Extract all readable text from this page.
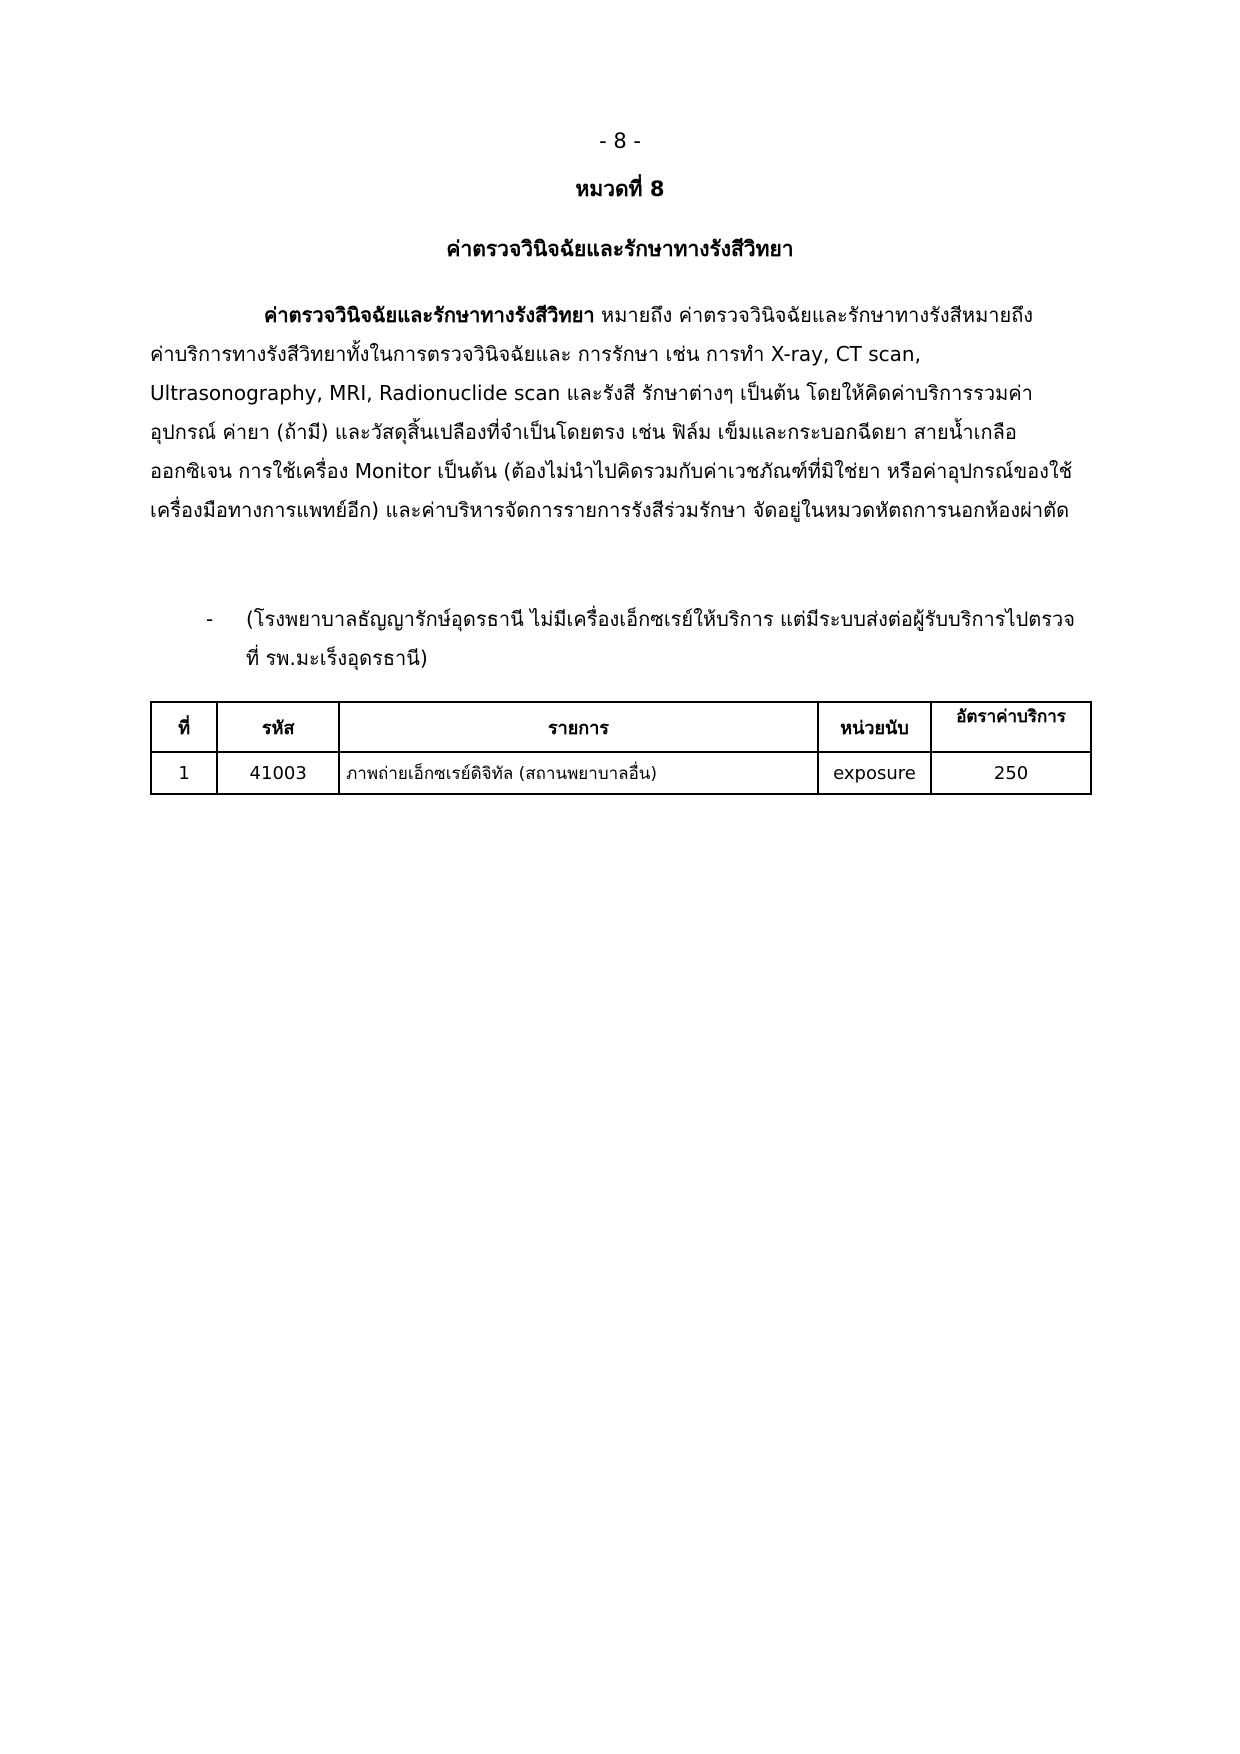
- 8 -
หมวดที่ 8
ค่าตรวจวินิจฉัยและรักษาทางรังสีวิทยา
ค่าตรวจวินิจฉัยและรักษาทางรังสีวิทยา หมายถึง ค่าตรวจวินิจฉัยและรักษาทางรังสีหมายถึง
ค่าบริการทางรังสีวิทยาทั้งในการตรวจวินิจฉัยและ การรักษา เช่น การทำ X-ray, CT scan,
Ultrasonography, MRI, Radionuclide scan และรังสี รักษาต่างๆ เป็นต้น โดยให้คิดค่าบริการรวมค่า
อุปกรณ์ ค่ายา (ถ้ามี) และวัสดุสิ้นเปลืองที่จำเป็นโดยตรง เช่น ฟิล์ม เข็มและกระบอกฉีดยา สายน้ำเกลือ
ออกซิเจน การใช้เครื่อง Monitor เป็นต้น (ต้องไม่นำไปคิดรวมกับค่าเวชภัณฑ์ที่มิใช่ยา หรือค่าอุปกรณ์ของใช้
เครื่องมือทางการแพทย์อีก) และค่าบริหารจัดการรายการรังสีร่วมรักษา จัดอยู่ในหมวดหัตถการนอกห้องผ่าตัด
- (โรงพยาบาลธัญญารักษ์อุดรธานี ไม่มีเครื่องเอ็กซเรย์ให้บริการ แต่มีระบบส่งต่อผู้รับบริการไปตรวจ
ที่ รพ.มะเร็งอุดรธานี)
ที่	รหัส	รายการ	หน่วยนับ	อัตราค่าบริการ
1	41003	ภาพถ่ายเอ็กซเรย์ดิจิทัล (สถานพยาบาลอื่น)	exposure	250
